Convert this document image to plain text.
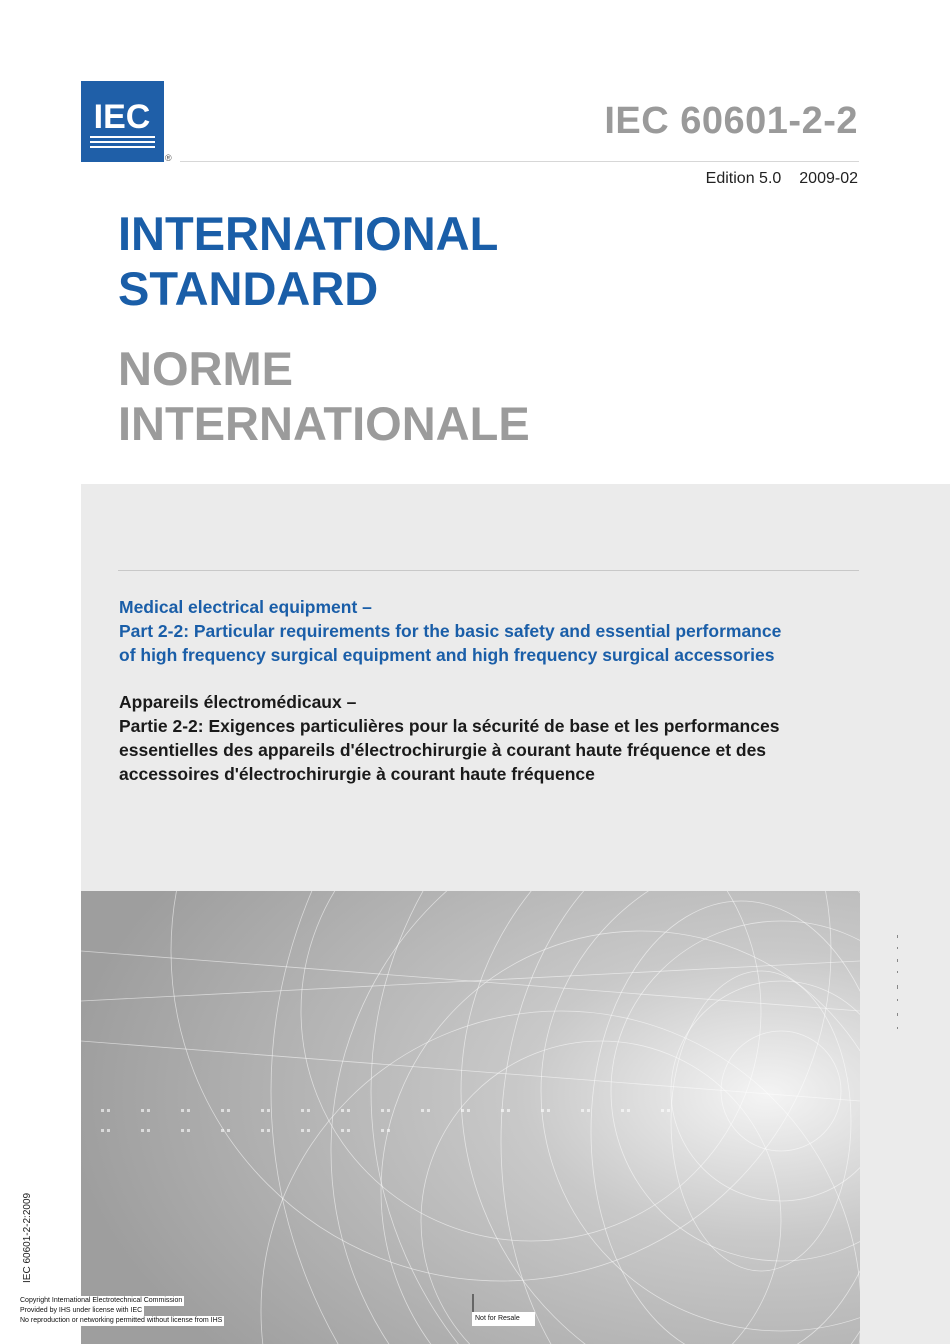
IEC
®
IEC 60601-2-2
Edition 5.0 2009-02
INTERNATIONAL
STANDARD
NORME
INTERNATIONALE
Medical electrical equipment –
Part 2-2: Particular requirements for the basic safety and essential performance
of high frequency surgical equipment and high frequency surgical accessories
Appareils électromédicaux –
Partie 2-2: Exigences particulières pour la sécurité de base et les performances
essentielles des appareils d'électrochirurgie à courant haute fréquence et des
accessoires d'électrochirurgie à courant haute fréquence
IEC 60601-2-2:2009
Copyright International Electrotechnical Commission
Provided by IHS under license with IEC
No reproduction or networking permitted without license from IHS	Not for Resale
